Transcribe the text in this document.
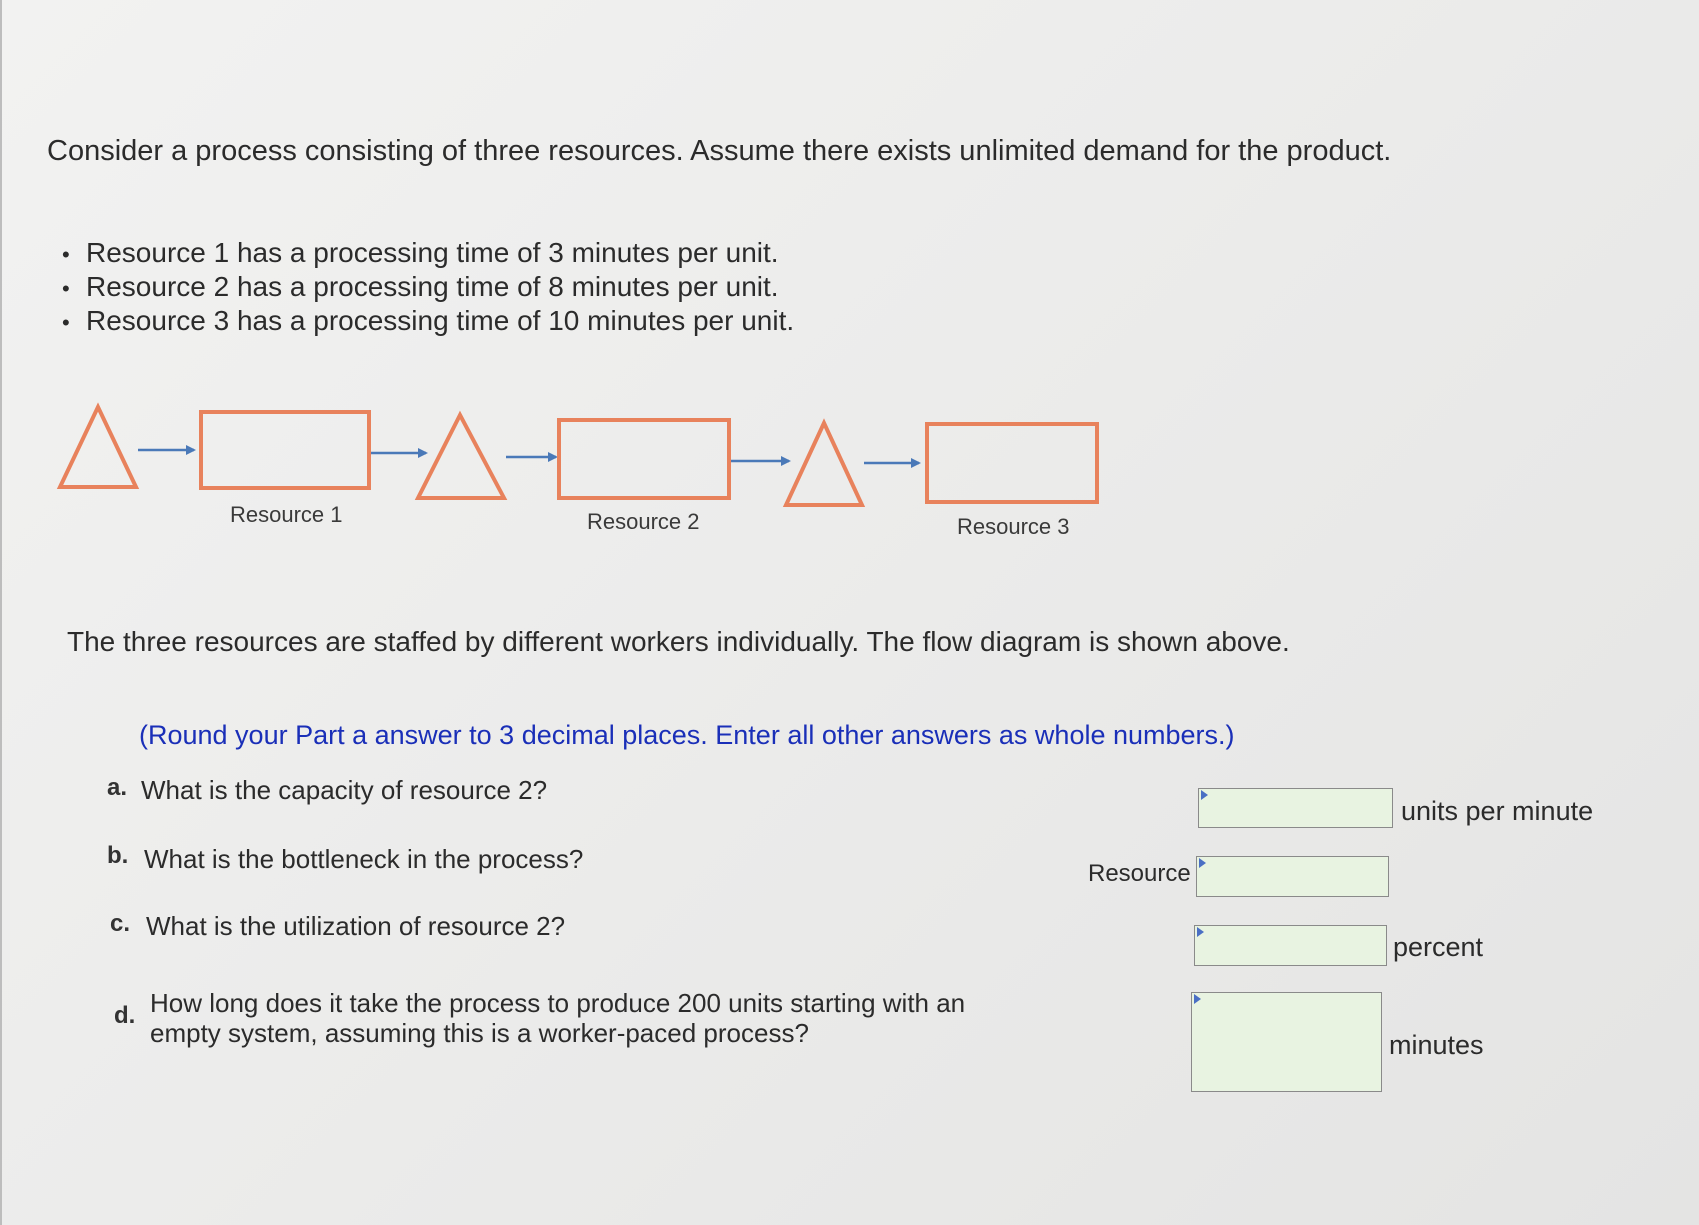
Consider a process consisting of three resources. Assume there exists unlimited demand for the product.

• Resource 1 has a processing time of 3 minutes per unit.
• Resource 2 has a processing time of 8 minutes per unit.
• Resource 3 has a processing time of 10 minutes per unit.
Resource 1	Resource 2	Resource 3

The three resources are staffed by different workers individually. The flow diagram is shown above.

(Round your Part a answer to 3 decimal places. Enter all other answers as whole numbers.)
a. What is the capacity of resource 2?
units per minute
b. What is the bottleneck in the process?	Resource
c. What is the utilization of resource 2?
percent
d. How long does it take the process to produce 200 units starting with an
empty system, assuming this is a worker-paced process?	minutes
